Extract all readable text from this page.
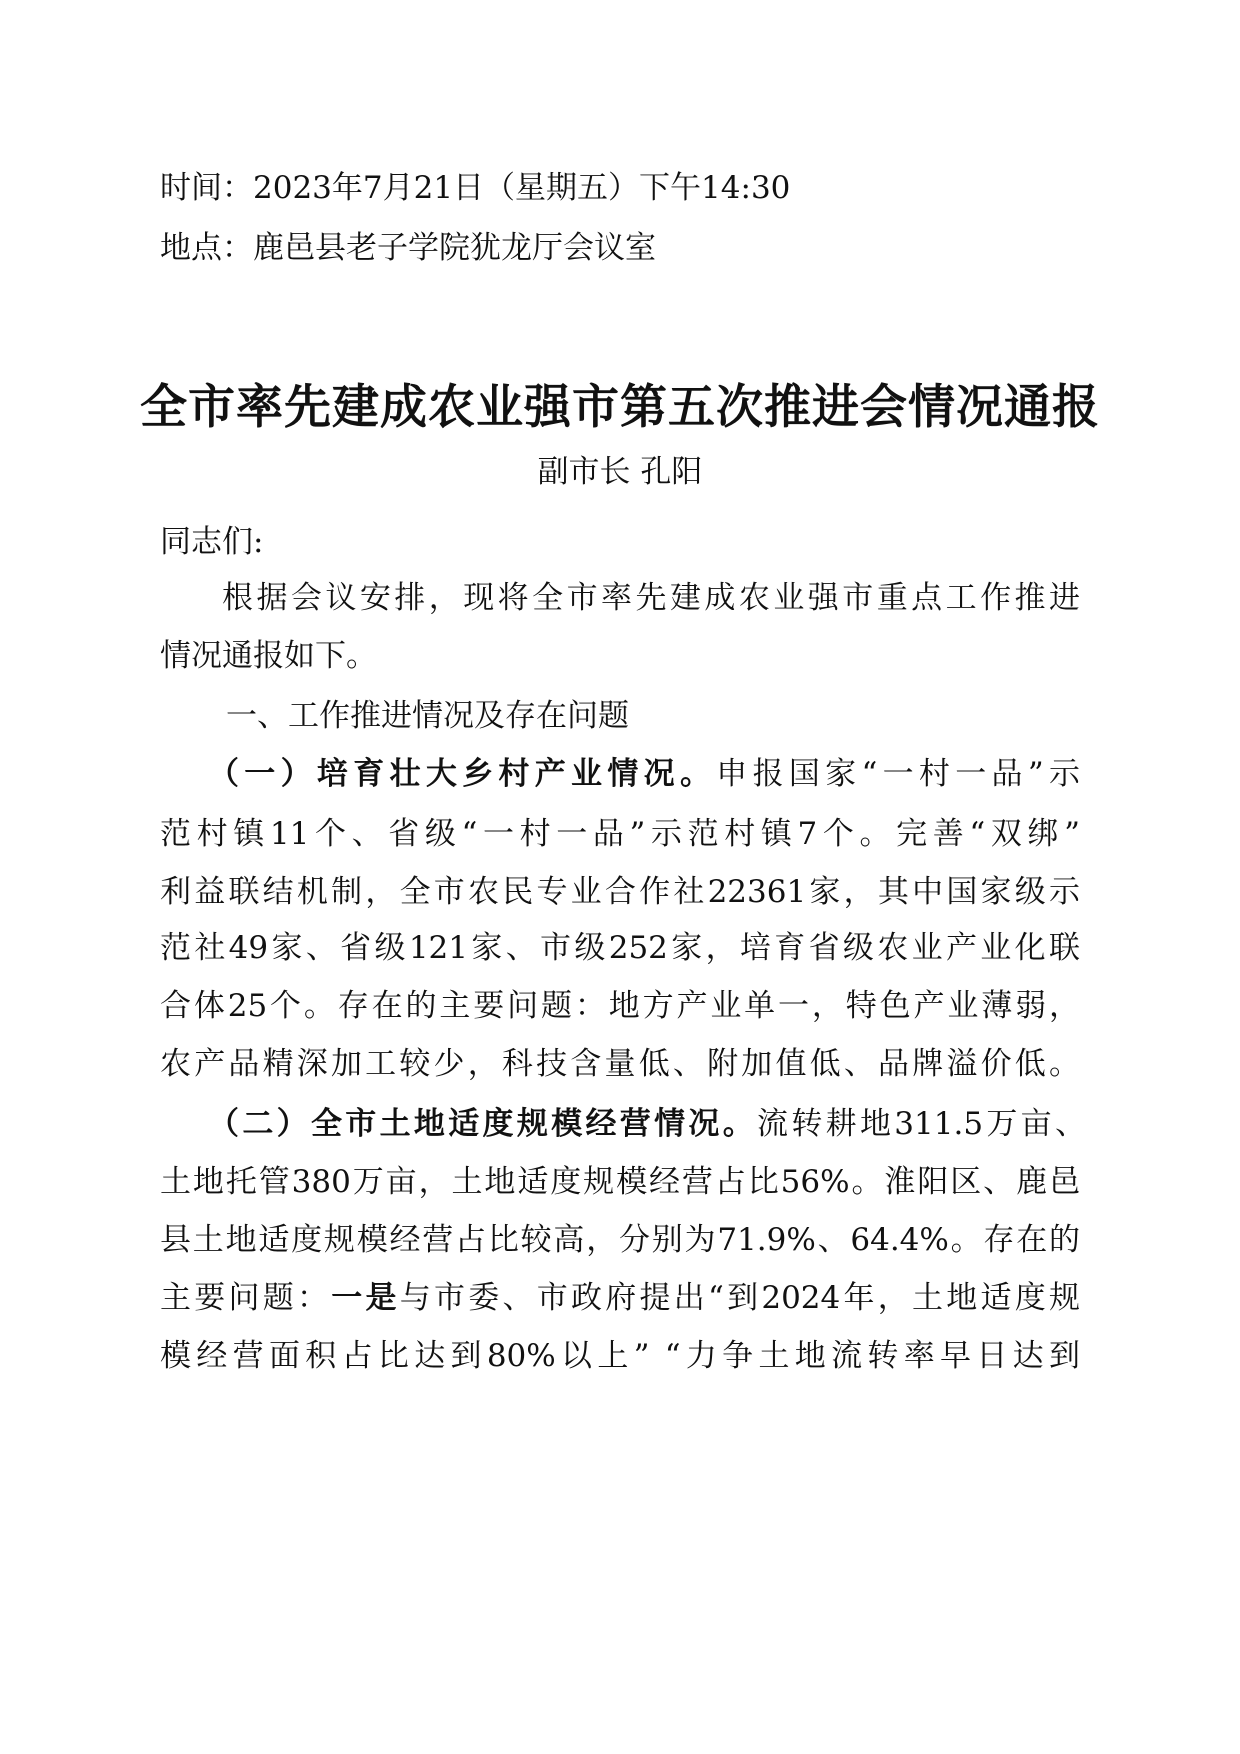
时间：2023年7月21日（星期五）下午14:30
地点：鹿邑县老子学院犹龙厅会议室
全市率先建成农业强市第五次推进会情况通报
副市长 孔阳
同志们:
根据会议安排，现将全市率先建成农业强市重点工作推进
情况通报如下。
一、工作推进情况及存在问题
（一）培育壮大乡村产业情况。申报国家“一村一品”示
范村镇11个、省级“一村一品”示范村镇7个。完善“双绑”
利益联结机制，全市农民专业合作社22361家，其中国家级示
范社49家、省级121家、市级252家，培育省级农业产业化联
合体25个。存在的主要问题：地方产业单一，特色产业薄弱，
农产品精深加工较少，科技含量低、附加值低、品牌溢价低。
（二）全市土地适度规模经营情况。流转耕地311.5万亩、
土地托管380万亩，土地适度规模经营占比56%。淮阳区、鹿邑
县土地适度规模经营占比较高，分别为71.9%、64.4%。存在的
主要问题：一是与市委、市政府提出“到2024年，土地适度规
模经营面积占比达到80%以上” “力争土地流转率早日达到
